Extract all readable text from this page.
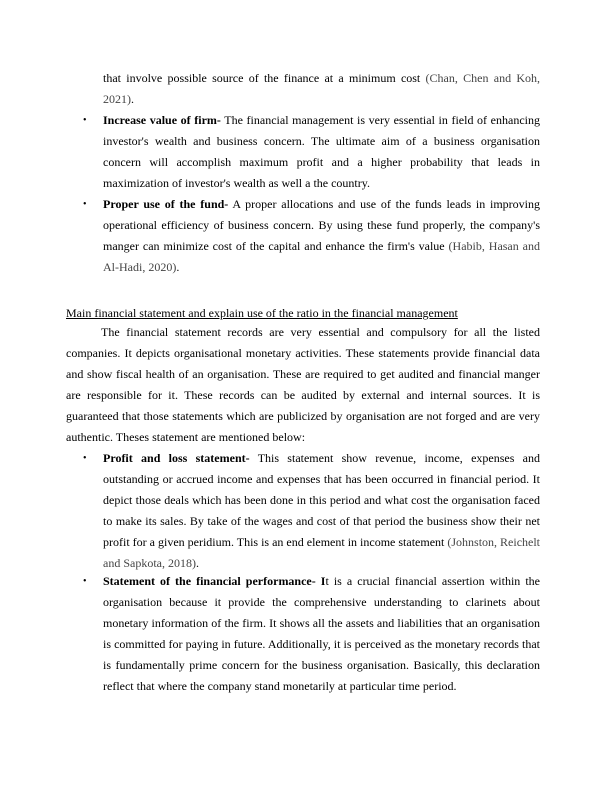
that involve possible source of the finance at a minimum cost (Chan, Chen and Koh, 2021).
• Increase value of firm- The financial management is very essential in field of enhancing investor's wealth and business concern. The ultimate aim of a business organisation concern will accomplish maximum profit and a higher probability that leads in maximization of investor's wealth as well a the country.
• Proper use of the fund- A proper allocations and use of the funds leads in improving operational efficiency of business concern. By using these fund properly, the company's manger can minimize cost of the capital and enhance the firm's value (Habib, Hasan and Al-Hadi, 2020).
Main financial statement and explain use of the ratio in the financial management
The financial statement records are very essential and compulsory for all the listed companies. It depicts organisational monetary activities. These statements provide financial data and show fiscal health of an organisation. These are required to get audited and financial manger are responsible for it. These records can be audited by external and internal sources. It is guaranteed that those statements which are publicized by organisation are not forged and are very authentic. Theses statement are mentioned below:
• Profit and loss statement- This statement show revenue, income, expenses and outstanding or accrued income and expenses that has been occurred in financial period. It depict those deals which has been done in this period and what cost the organisation faced to make its sales. By take of the wages and cost of that period the business show their net profit for a given peridium. This is an end element in income statement (Johnston, Reichelt and Sapkota, 2018).
• Statement of the financial performance- It is a crucial financial assertion within the organisation because it provide the comprehensive understanding to clarinets about monetary information of the firm. It shows all the assets and liabilities that an organisation is committed for paying in future. Additionally, it is perceived as the monetary records that is fundamentally prime concern for the business organisation. Basically, this declaration reflect that where the company stand monetarily at particular time period.
